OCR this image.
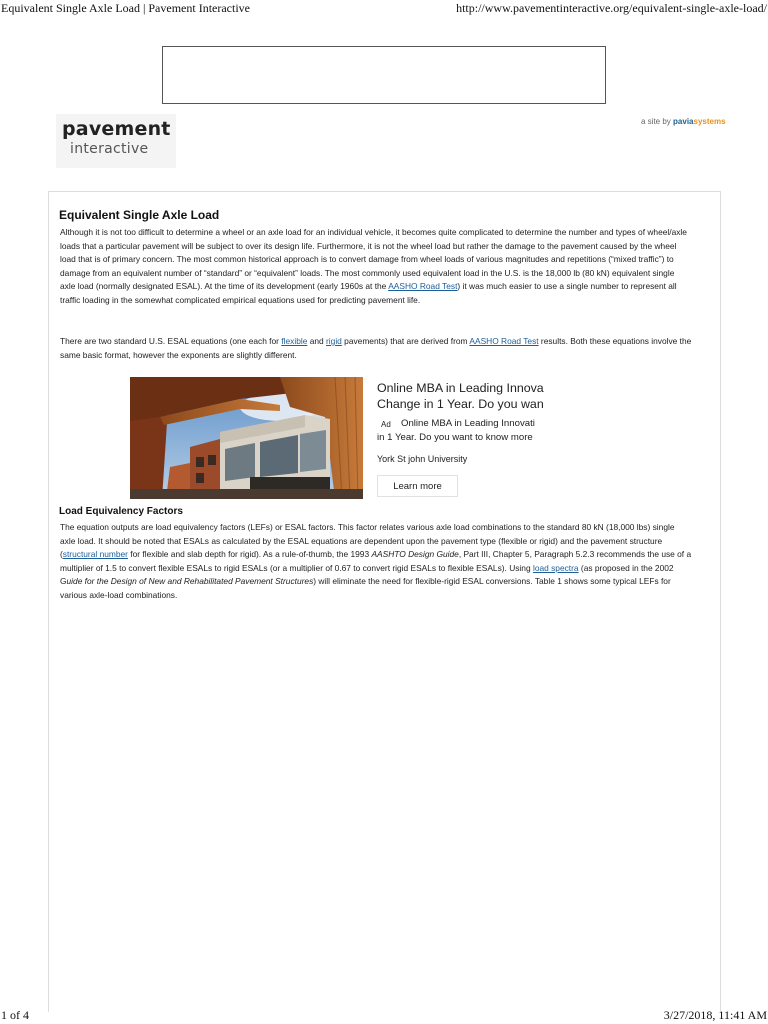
Equivalent Single Axle Load | Pavement Interactive	http://www.pavementinteractive.org/equivalent-single-axle-load/
pavement
interactive
a site by paviasystems
Equivalent Single Axle Load

Although it is not too difficult to determine a wheel or an axle load for an individual vehicle, it becomes quite complicated to determine the number and types of wheel/axle loads that a particular pavement will be subject to over its design life. Furthermore, it is not the wheel load but rather the damage to the pavement caused by the wheel load that is of primary concern. The most common historical approach is to convert damage from wheel loads of various magnitudes and repetitions (“mixed traffic”) to damage from an equivalent number of “standard” or “equivalent” loads. The most commonly used equivalent load in the U.S. is the 18,000 lb (80 kN) equivalent single axle load (normally designated ESAL). At the time of its development (early 1960s at the AASHO Road Test) it was much easier to use a single number to represent all traffic loading in the somewhat complicated empirical equations used for predicting pavement life.

There are two standard U.S. ESAL equations (one each for flexible and rigid pavements) that are derived from AASHO Road Test results. Both these equations involve the same basic format, however the exponents are slightly different.

Online MBA in Leading Innova
Change in 1 Year. Do you wan
Online MBA in Leading Innovati
in 1 Year. Do you want to know more
Ad
York St john University
Learn more
Load Equivalency Factors

The equation outputs are load equivalency factors (LEFs) or ESAL factors. This factor relates various axle load combinations to the standard 80 kN (18,000 lbs) single axle load. It should be noted that ESALs as calculated by the ESAL equations are dependent upon the pavement type (flexible or rigid) and the pavement structure (structural number for flexible and slab depth for rigid). As a rule-of-thumb, the 1993 AASHTO Design Guide, Part III, Chapter 5, Paragraph 5.2.3 recommends the use of a multiplier of 1.5 to convert flexible ESALs to rigid ESALs (or a multiplier of 0.67 to convert rigid ESALs to flexible ESALs). Using load spectra (as proposed in the 2002 Guide for the Design of New and Rehabilitated Pavement Structures) will eliminate the need for flexible-rigid ESAL conversions. Table 1 shows some typical LEFs for various axle-load combinations.

1 of 4	3/27/2018, 11:41 AM
